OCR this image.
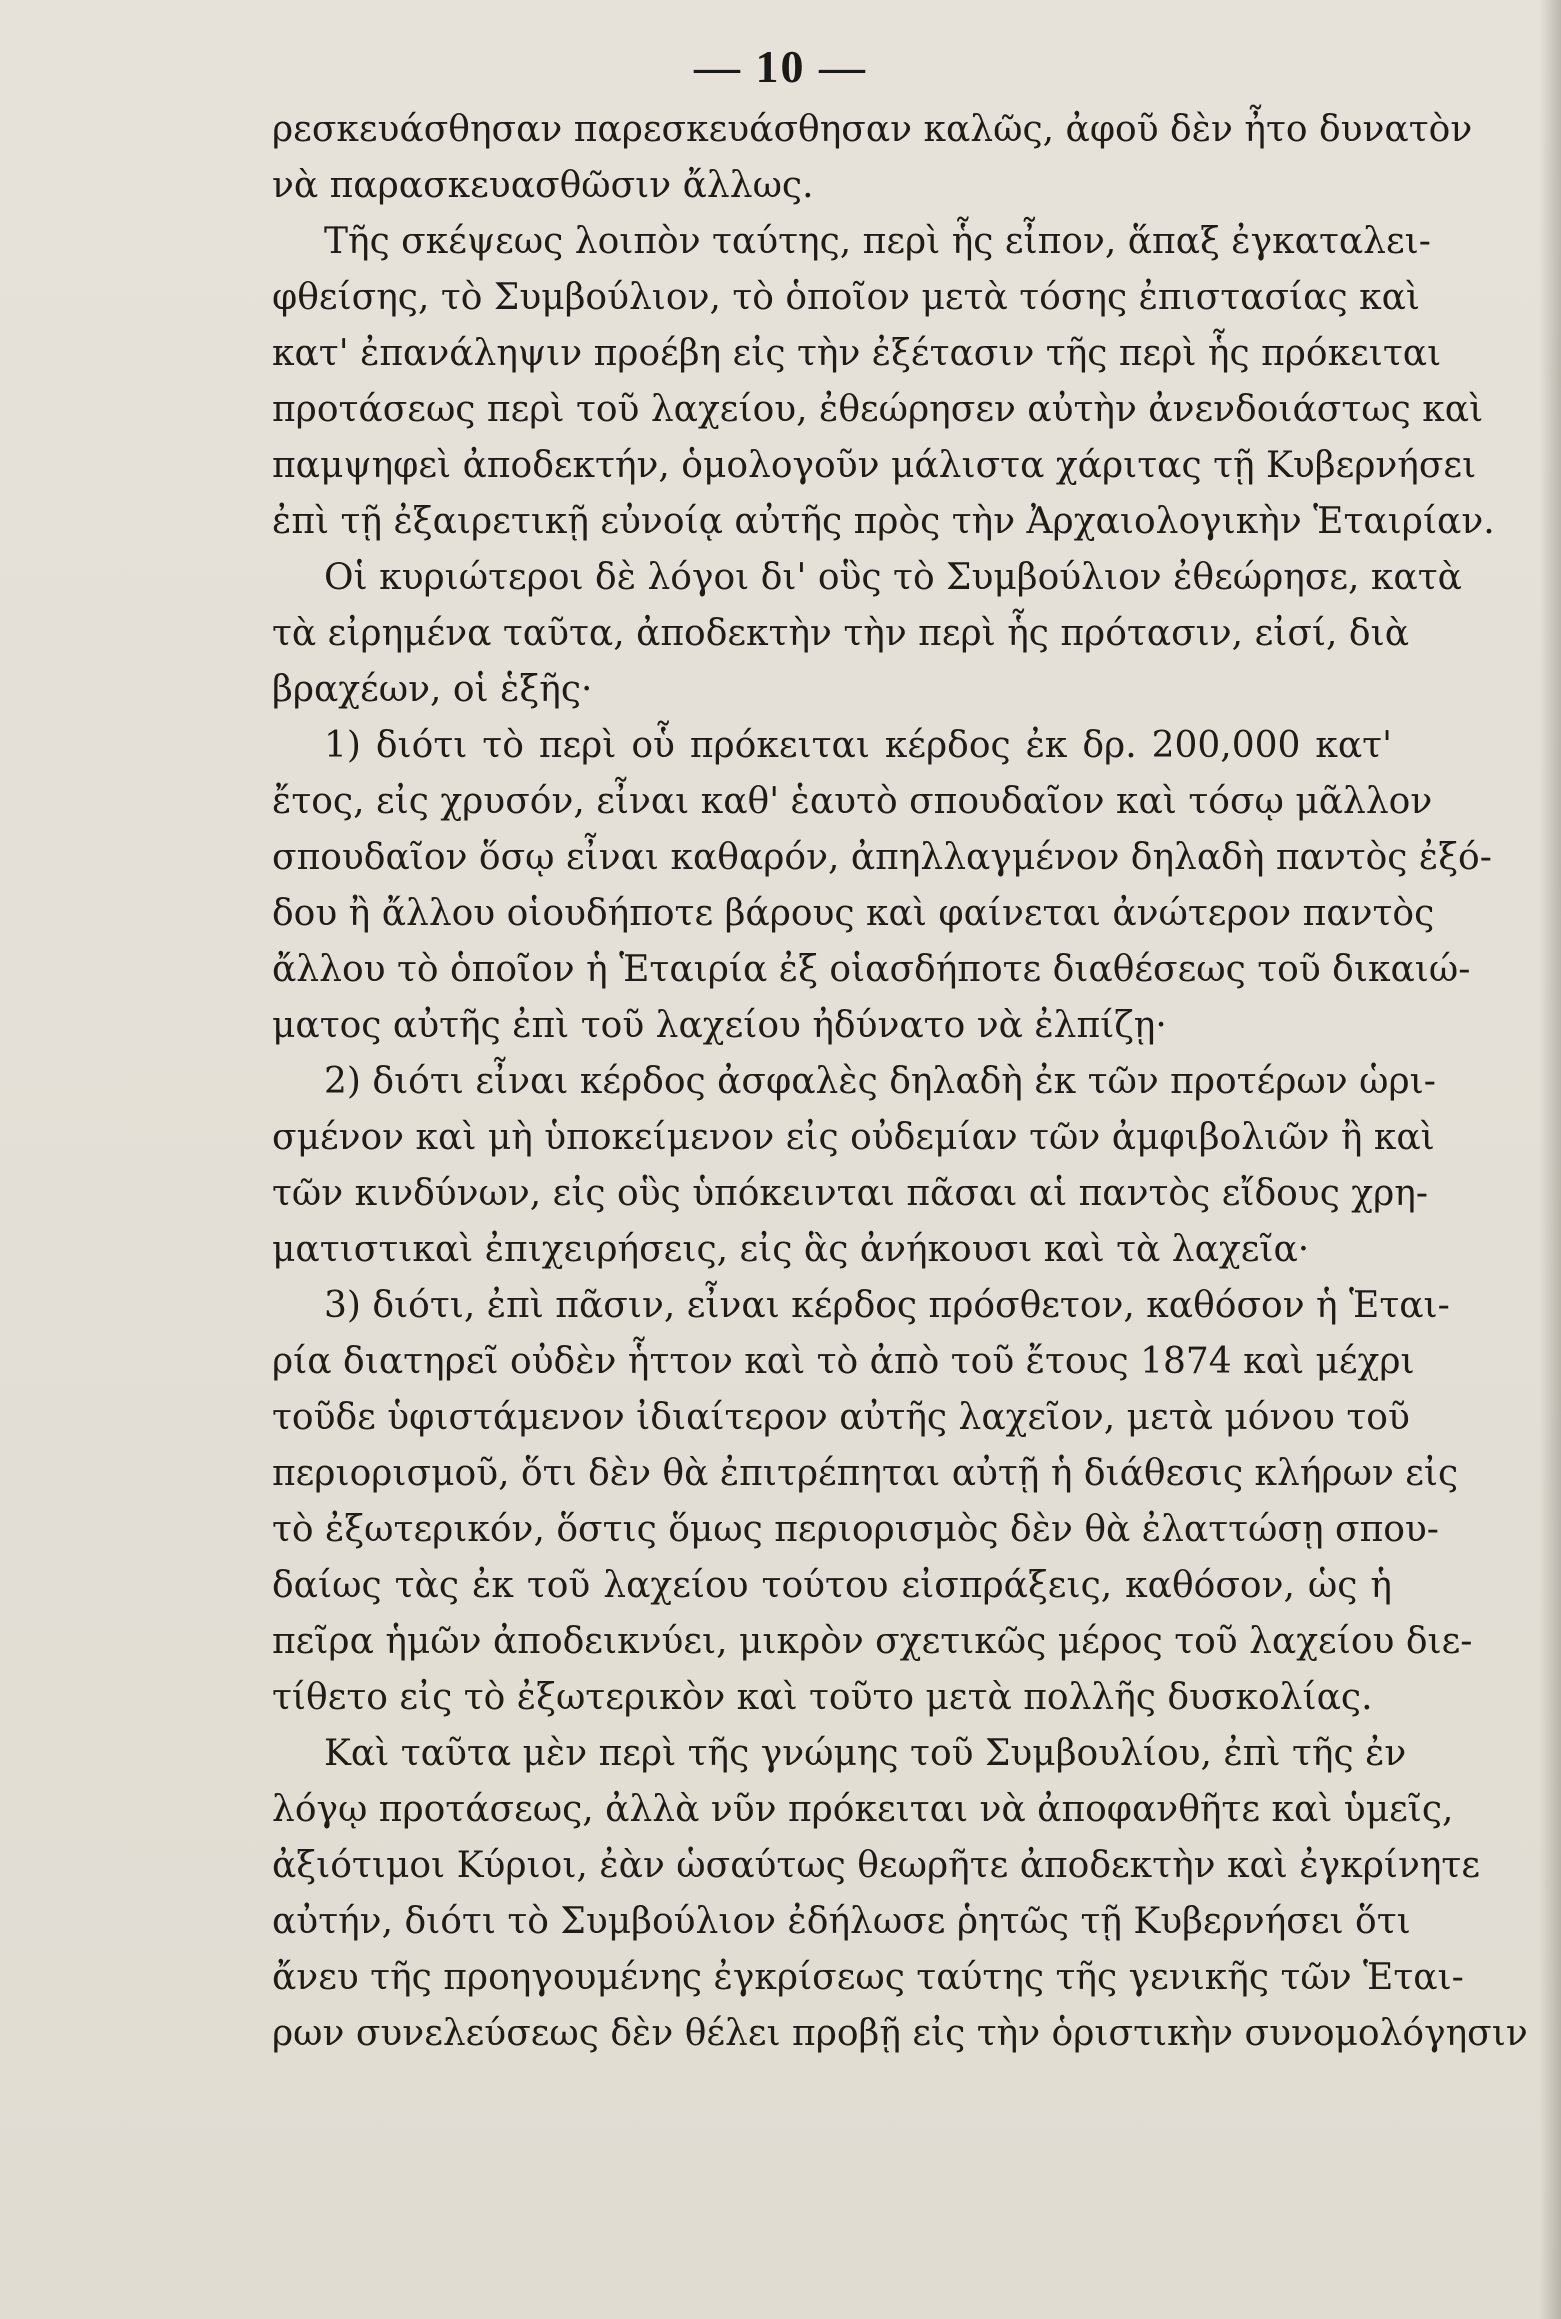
— 10 —
ρεσκευάσθησαν παρεσκευάσθησαν καλῶς, ἀφοῦ δὲν ἦτο δυνατὸν
νὰ παρασκευασθῶσιν ἄλλως.
Τῆς σκέψεως λοιπὸν ταύτης, περὶ ἧς εἶπον, ἅπαξ ἐγκαταλει-
φθείσης, τὸ Συμβούλιον, τὸ ὁποῖον μετὰ τόσης ἐπιστασίας καὶ
κατ' ἐπανάληψιν προέβη εἰς τὴν ἐξέτασιν τῆς περὶ ἧς πρόκειται
προτάσεως περὶ τοῦ λαχείου, ἐθεώρησεν αὐτὴν ἀνενδοιάστως καὶ
παμψηφεὶ ἀποδεκτήν, ὁμολογοῦν μάλιστα χάριτας τῇ Κυβερνήσει
ἐπὶ τῇ ἐξαιρετικῇ εὐνοίᾳ αὐτῆς πρὸς τὴν Ἀρχαιολογικὴν Ἑταιρίαν.
Οἱ κυριώτεροι δὲ λόγοι δι' οὓς τὸ Συμβούλιον ἐθεώρησε, κατὰ
τὰ εἰρημένα ταῦτα, ἀποδεκτὴν τὴν περὶ ἧς πρότασιν, εἰσί, διὰ
βραχέων, οἱ ἑξῆς·
1) διότι τὸ περὶ οὗ πρόκειται κέρδος ἐκ δρ. 200,000 κατ'
ἔτος, εἰς χρυσόν, εἶναι καθ' ἑαυτὸ σπουδαῖον καὶ τόσῳ μᾶλλον
σπουδαῖον ὅσῳ εἶναι καθαρόν, ἀπηλλαγμένον δηλαδὴ παντὸς ἐξό-
δου ἢ ἄλλου οἱουδήποτε βάρους καὶ φαίνεται ἀνώτερον παντὸς
ἄλλου τὸ ὁποῖον ἡ Ἑταιρία ἐξ οἱασδήποτε διαθέσεως τοῦ δικαιώ-
ματος αὐτῆς ἐπὶ τοῦ λαχείου ἠδύνατο νὰ ἐλπίζῃ·
2) διότι εἶναι κέρδος ἀσφαλὲς δηλαδὴ ἐκ τῶν προτέρων ὡρι-
σμένον καὶ μὴ ὑποκείμενον εἰς οὐδεμίαν τῶν ἀμφιβολιῶν ἢ καὶ
τῶν κινδύνων, εἰς οὓς ὑπόκεινται πᾶσαι αἱ παντὸς εἴδους χρη-
ματιστικαὶ ἐπιχειρήσεις, εἰς ἃς ἀνήκουσι καὶ τὰ λαχεῖα·
3) διότι, ἐπὶ πᾶσιν, εἶναι κέρδος πρόσθετον, καθόσον ἡ Ἑται-
ρία διατηρεῖ οὐδὲν ἧττον καὶ τὸ ἀπὸ τοῦ ἔτους 1874 καὶ μέχρι
τοῦδε ὑφιστάμενον ἰδιαίτερον αὐτῆς λαχεῖον, μετὰ μόνου τοῦ
περιορισμοῦ, ὅτι δὲν θὰ ἐπιτρέπηται αὐτῇ ἡ διάθεσις κλήρων εἰς
τὸ ἐξωτερικόν, ὅστις ὅμως περιορισμὸς δὲν θὰ ἐλαττώσῃ σπου-
δαίως τὰς ἐκ τοῦ λαχείου τούτου εἰσπράξεις, καθόσον, ὡς ἡ
πεῖρα ἡμῶν ἀποδεικνύει, μικρὸν σχετικῶς μέρος τοῦ λαχείου διε-
τίθετο εἰς τὸ ἐξωτερικὸν καὶ τοῦτο μετὰ πολλῆς δυσκολίας.
Καὶ ταῦτα μὲν περὶ τῆς γνώμης τοῦ Συμβουλίου, ἐπὶ τῆς ἐν
λόγῳ προτάσεως, ἀλλὰ νῦν πρόκειται νὰ ἀποφανθῆτε καὶ ὑμεῖς,
ἀξιότιμοι Κύριοι, ἐὰν ὡσαύτως θεωρῆτε ἀποδεκτὴν καὶ ἐγκρίνητε
αὐτήν, διότι τὸ Συμβούλιον ἐδήλωσε ῥητῶς τῇ Κυβερνήσει ὅτι
ἄνευ τῆς προηγουμένης ἐγκρίσεως ταύτης τῆς γενικῆς τῶν Ἑται-
ρων συνελεύσεως δὲν θέλει προβῇ εἰς τὴν ὁριστικὴν συνομολόγησιν
